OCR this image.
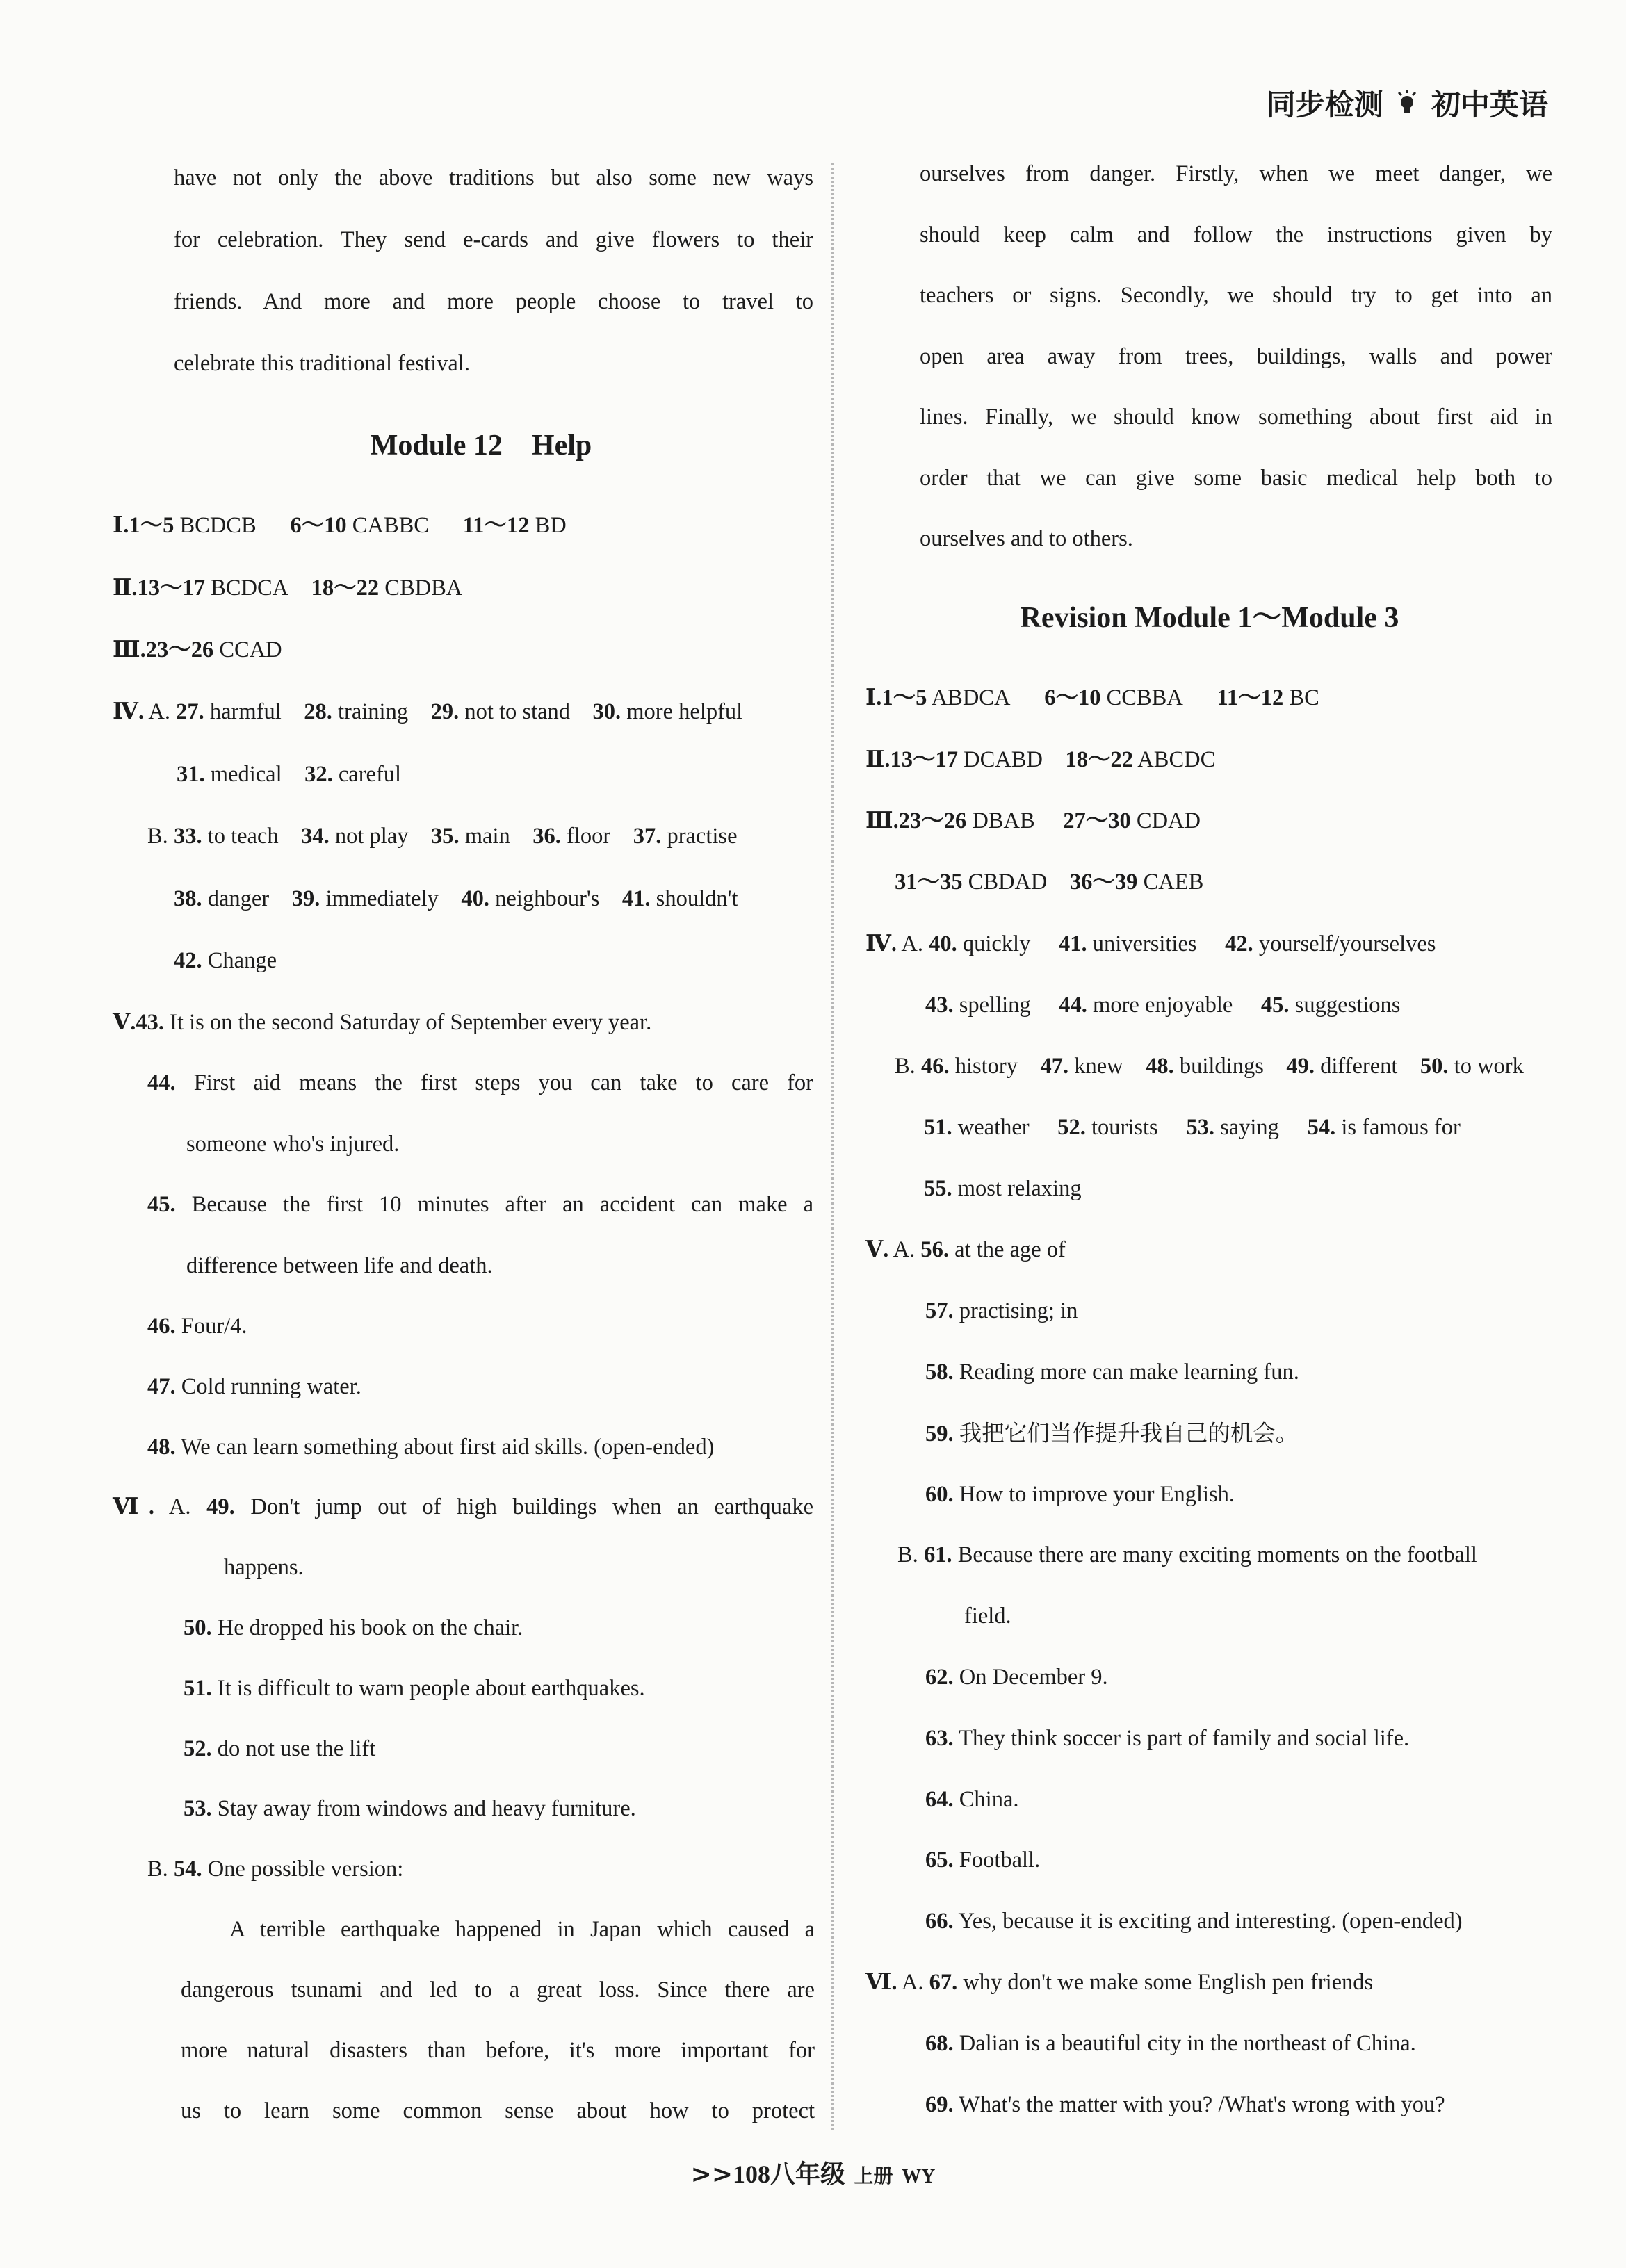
同步检测 初中英语
have not only the above traditions but also some new ways
for celebration. They send e-cards and give flowers to their
friends. And more and more people choose to travel to
celebrate this traditional festival.
Module 12    Help
Ⅰ.1～5 BCDCB 6～10 CABBC 11～12 BD
Ⅱ.13～17 BCDCA 18～22 CBDBA
Ⅲ.23～26 CCAD
Ⅳ. A. 27. harmful 28. training 29. not to stand 30. more helpful
31. medical 32. careful
B. 33. to teach 34. not play 35. main 36. floor 37. practise
38. danger 39. immediately 40. neighbour's 41. shouldn't
42. Change
Ⅴ.43. It is on the second Saturday of September every year.
44. First aid means the first steps you can take to care for
someone who's injured.
45. Because the first 10 minutes after an accident can make a
difference between life and death.
46. Four/4.
47. Cold running water.
48. We can learn something about first aid skills. (open-ended)
Ⅵ. A. 49. Don't jump out of high buildings when an earthquake
happens.
50. He dropped his book on the chair.
51. It is difficult to warn people about earthquakes.
52. do not use the lift
53. Stay away from windows and heavy furniture.
B. 54. One possible version:
A terrible earthquake happened in Japan which caused a
dangerous tsunami and led to a great loss. Since there are
more natural disasters than before, it's more important for
us to learn some common sense about how to protect
ourselves from danger. Firstly, when we meet danger, we
should keep calm and follow the instructions given by
teachers or signs. Secondly, we should try to get into an
open area away from trees, buildings, walls and power
lines. Finally, we should know something about first aid in
order that we can give some basic medical help both to
ourselves and to others.
Revision Module 1～Module 3
Ⅰ.1～5 ABDCA 6～10 CCBBA 11～12 BC
Ⅱ.13～17 DCABD 18～22 ABCDC
Ⅲ.23～26 DBAB 27～30 CDAD
31～35 CBDAD 36～39 CAEB
Ⅳ. A. 40. quickly 41. universities 42. yourself/yourselves
43. spelling 44. more enjoyable 45. suggestions
B. 46. history 47. knew 48. buildings 49. different 50. to work
51. weather 52. tourists 53. saying 54. is famous for
55. most relaxing
Ⅴ. A. 56. at the age of
57. practising; in
58. Reading more can make learning fun.
59. 我把它们当作提升我自己的机会。
60. How to improve your English.
B. 61. Because there are many exciting moments on the football
field.
62. On December 9.
63. They think soccer is part of family and social life.
64. China.
65. Football.
66. Yes, because it is exciting and interesting. (open-ended)
Ⅵ. A. 67. why don't we make some English pen friends
68. Dalian is a beautiful city in the northeast of China.
69. What's the matter with you? /What's wrong with you?
>>108八年级 上册 WY
